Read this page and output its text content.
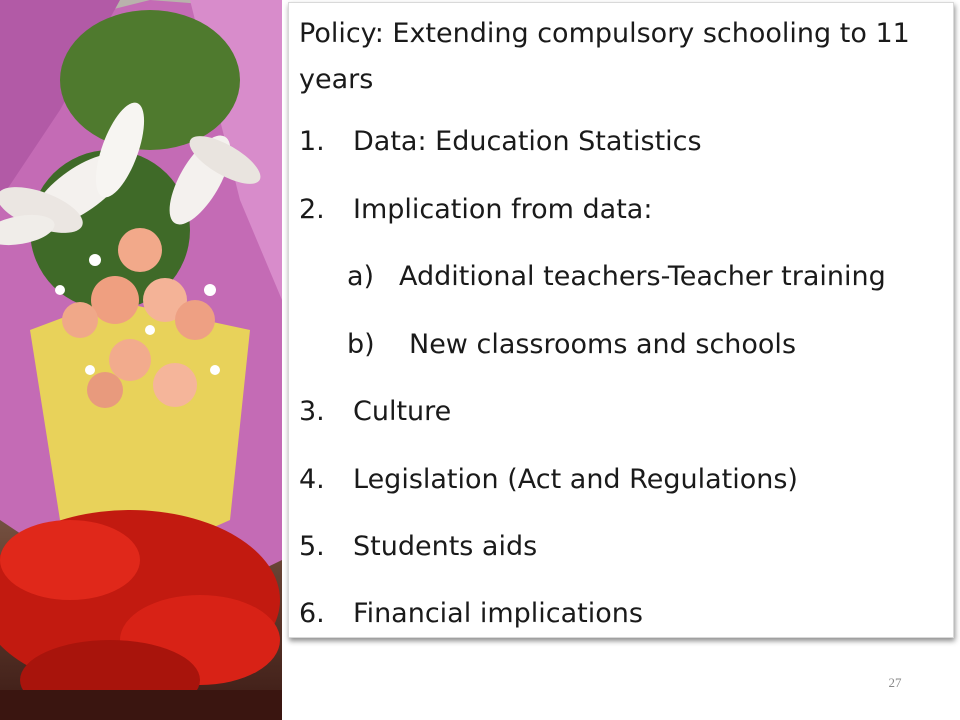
Policy: Extending compulsory schooling to 11 years
1. Data: Education Statistics
2. Implication from data:
a) Additional teachers-Teacher training
b) New classrooms and schools
3. Culture
4. Legislation (Act and Regulations)
5. Students aids
6. Financial implications
27
